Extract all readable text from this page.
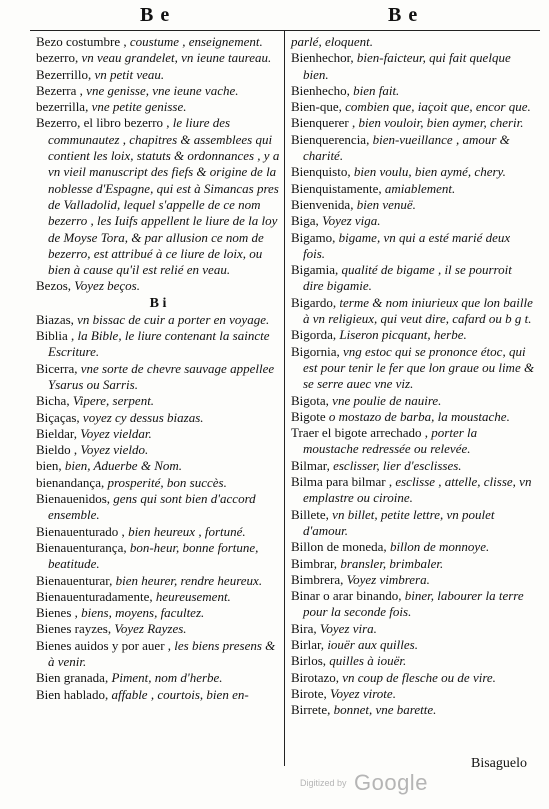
B e	B e

Bezo costumbre , coustume , enseignement.

bezerro, vn veau grandelet, vn ieune taureau.

Bezerrillo, vn petit veau.

Bezerra , vne genisse, vne ieune vache.

bezerrilla, vne petite genisse.

Bezerro, el libro bezerro , le liure des communautez , chapitres & assemblees qui contient les loix, statuts & ordonnances , y a vn vieil manuscript des fiefs & origine de la noblesse d'Espagne, qui est à Simancas pres de Valladolid, lequel s'appelle de ce nom bezerro , les Iuifs appellent le liure de la loy de Moyse Tora, & par allusion ce nom de bezerro, est attribué à ce liure de loix, ou bien à cause qu'il est relié en veau.

Bezos, Voyez beços.

B i

Biazas, vn bissac de cuir a porter en voyage.

Biblia , la Bible, le liure contenant la saincte Escriture.

Bicerra, vne sorte de chevre sauvage appellee Ysarus ou Sarris.

Bicha, Vipere, serpent.

Biçaças, voyez cy dessus biazas.

Bieldar, Voyez vieldar.

Bieldo , Voyez vieldo.

bien, bien, Aduerbe & Nom.

bienandança, prosperité, bon succès.

Bienauenidos, gens qui sont bien d'accord ensemble.

Bienauenturado , bien heureux , fortuné.

Bienauenturança, bon-heur, bonne fortune, beatitude.

Bienauenturar, bien heurer, rendre heureux.

Bienauenturadamente, heureusement.

Bienes , biens, moyens, facultez.

Bienes rayzes, Voyez Rayzes.

Bienes auidos y por auer , les biens presens & à venir.

Bien granada, Piment, nom d'herbe.

Bien hablado, affable , courtois, bien en-

parlé, eloquent.

Bienhechor, bien-faicteur, qui fait quelque bien.

Bienhecho, bien fait.

Bien-que, combien que, iaçoit que, encor que.

Bienquerer , bien vouloir, bien aymer, cherir.

Bienquerencia, bien-vueillance , amour & charité.

Bienquisto, bien voulu, bien aymé, chery.

Bienquistamente, amiablement.

Bienvenida, bien venuë.

Biga, Voyez viga.

Bigamo, bigame, vn qui a esté marié deux fois.

Bigamia, qualité de bigame , il se pourroit dire bigamie.

Bigardo, terme & nom iniurieux que lon baille à vn religieux, qui veut dire, cafard ou b g t.

Bigorda, Liseron picquant, herbe.

Bigornia, vng estoc qui se prononce étoc, qui est pour tenir le fer que lon graue ou lime & se serre auec vne viz.

Bigota, vne poulie de nauire.

Bigote o mostazo de barba, la moustache.

Traer el bigote arrechado , porter la moustache redressée ou relevée.

Bilmar, esclisser, lier d'esclisses.

Bilma para bilmar , esclisse , attelle, clisse, vn emplastre ou ciroine.

Billete, vn billet, petite lettre, vn poulet d'amour.

Billon de moneda, billon de monnoye.

Bimbrar, bransler, brimbaler.

Bimbrera, Voyez vimbrera.

Binar o arar binando, biner, labourer la terre pour la seconde fois.

Bira, Voyez vira.

Birlar, iouër aux quilles.

Birlos, quilles à iouër.

Birotazo, vn coup de flesche ou de vire.

Birote, Voyez virote.

Birrete, bonnet, vne barette.

Bisaguelo
Digitized by Google
